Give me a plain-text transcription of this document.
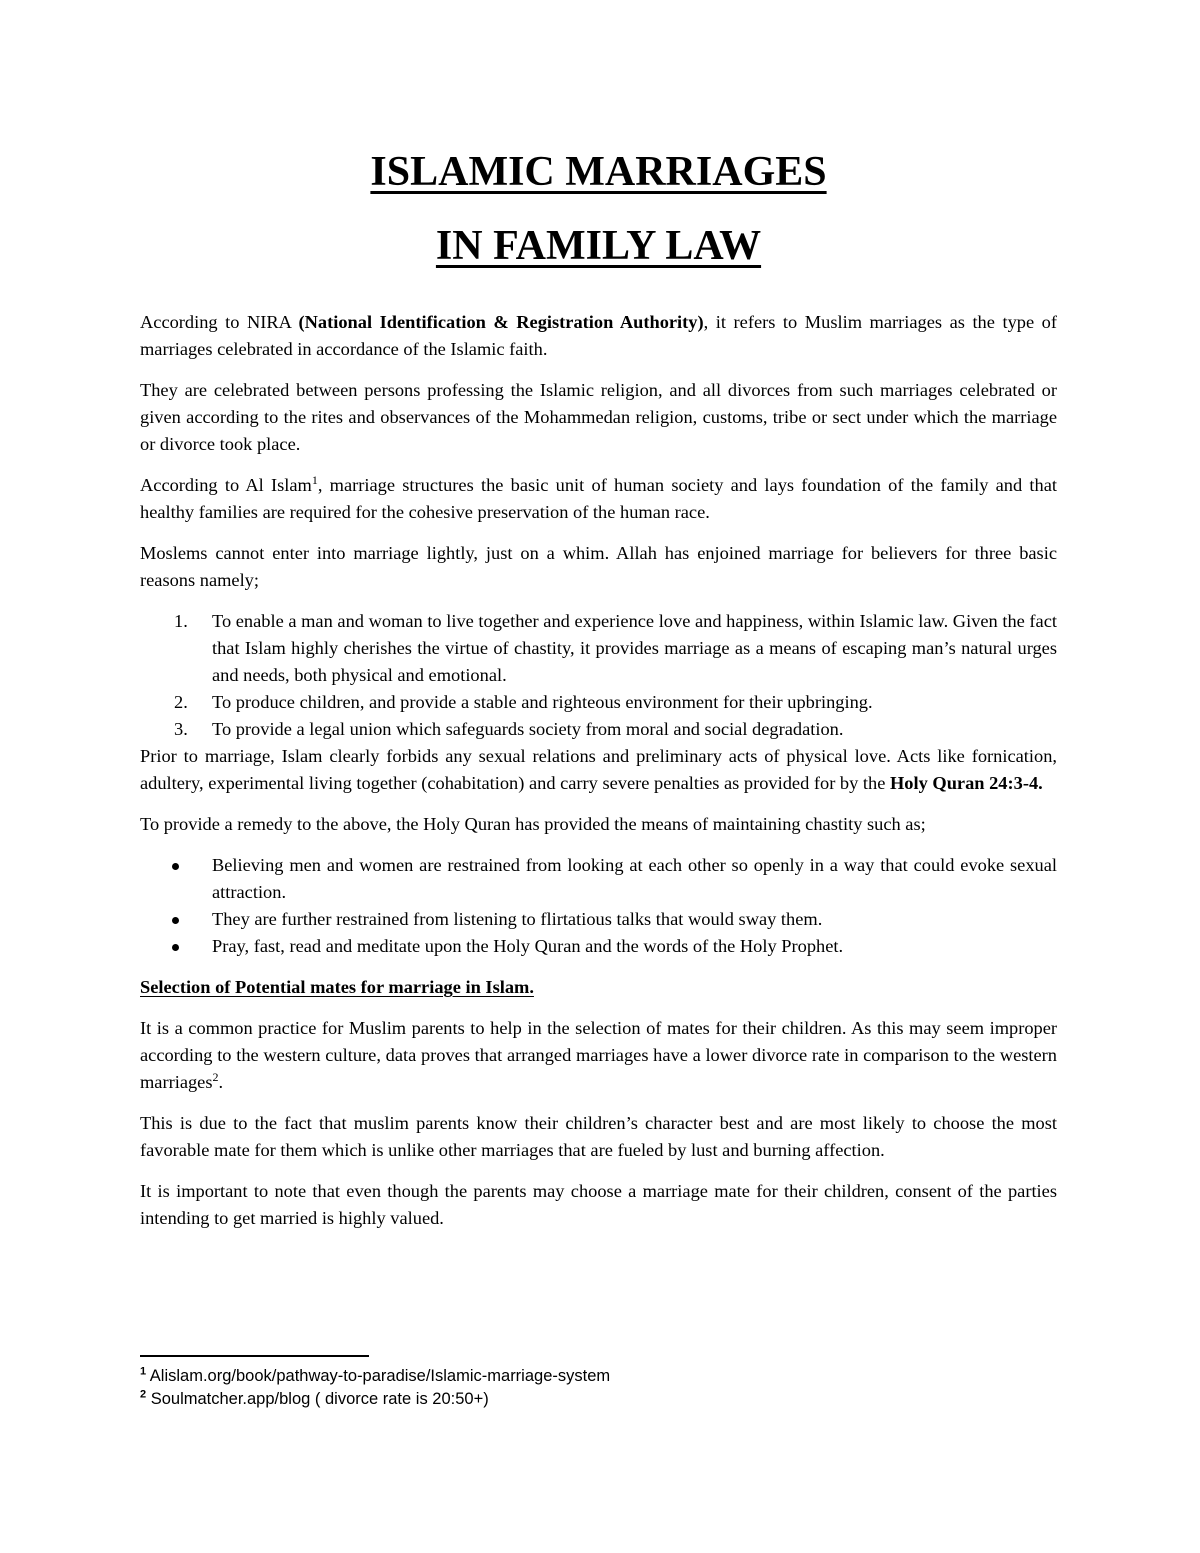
ISLAMIC MARRIAGES
IN FAMILY LAW

According to NIRA (National Identification & Registration Authority), it refers to Muslim marriages as the type of marriages celebrated in accordance of the Islamic faith.

They are celebrated between persons professing the Islamic religion, and all divorces from such marriages celebrated or given according to the rites and observances of the Mohammedan religion, customs, tribe or sect under which the marriage or divorce took place.

According to Al Islam$^1$, marriage structures the basic unit of human society and lays foundation of the family and that healthy families are required for the cohesive preservation of the human race.

Moslems cannot enter into marriage lightly, just on a whim. Allah has enjoined marriage for believers for three basic reasons namely;

1. To enable a man and woman to live together and experience love and happiness, within Islamic law. Given the fact that Islam highly cherishes the virtue of chastity, it provides marriage as a means of escaping man’s natural urges and needs, both physical and emotional.
2. To produce children, and provide a stable and righteous environment for their upbringing.
3. To provide a legal union which safeguards society from moral and social degradation.

Prior to marriage, Islam clearly forbids any sexual relations and preliminary acts of physical love. Acts like fornication, adultery, experimental living together (cohabitation) and carry severe penalties as provided for by the Holy Quran 24:3-4.

To provide a remedy to the above, the Holy Quran has provided the means of maintaining chastity such as;

Believing men and women are restrained from looking at each other so openly in a way that could evoke sexual attraction.
They are further restrained from listening to flirtatious talks that would sway them.
Pray, fast, read and meditate upon the Holy Quran and the words of the Holy Prophet.
Selection of Potential mates for marriage in Islam.

It is a common practice for Muslim parents to help in the selection of mates for their children. As this may seem improper according to the western culture, data proves that arranged marriages have a lower divorce rate in comparison to the western marriages$^2$.

This is due to the fact that muslim parents know their children’s character best and are most likely to choose the most favorable mate for them which is unlike other marriages that are fueled by lust and burning affection.

It is important to note that even though the parents may choose a marriage mate for their children, consent of the parties intending to get married is highly valued.

$^1$ Alislam.org/book/pathway-to-paradise/Islamic-marriage-system

$^2$ Soulmatcher.app/blog ( divorce rate is 20:50+)
